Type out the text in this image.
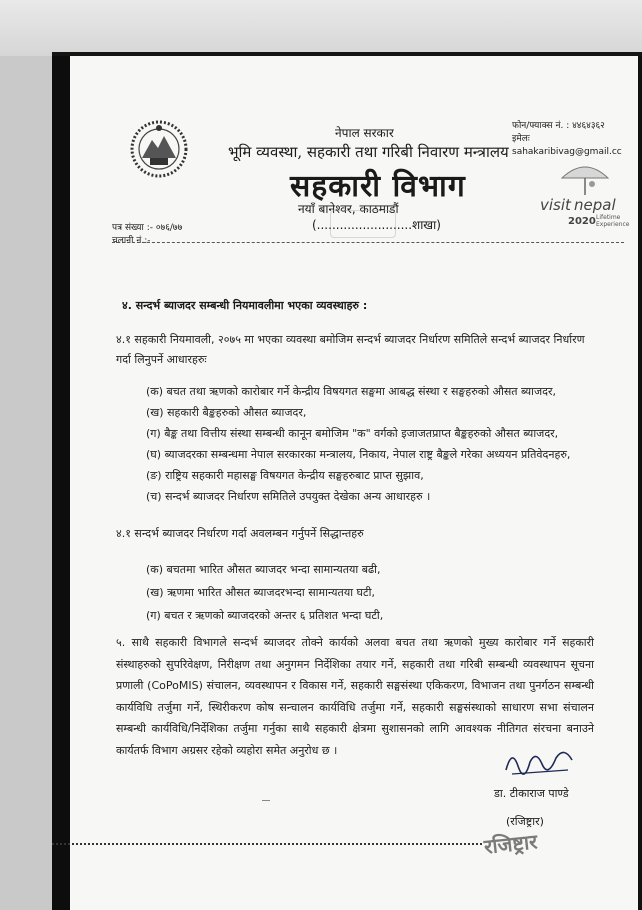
नेपाल सरकार
भूमि व्यवस्था, सहकारी तथा गरिबी निवारण मन्त्रालय
सहकारी विभाग
नयाँ बानेश्वर, काठमाडौं
(.........................शाखा)
फोन/फ्याक्स नं. : ४४६४३६२
इमेलः sahakaribivag@gmail.cc
visit nepal
2020 Lifetime
Experience
पत्र संख्या :- ०७६/७७
चलानी नं.:-
४. सन्दर्भ ब्याजदर सम्बन्धी नियमावलीमा भएका व्यवस्थाहरु :
४.१ सहकारी नियमावली, २०७५ मा भएका व्यवस्था बमोजिम सन्दर्भ ब्याजदर निर्धारण समितिले सन्दर्भ ब्याजदर निर्धारण गर्दा लिनुपर्ने आधारहरुः
(क) बचत तथा ऋणको कारोबार गर्ने केन्द्रीय विषयगत सङ्घमा आबद्ध संस्था र सङ्घहरुको औसत ब्याजदर,
(ख) सहकारी बैङ्कहरुको औसत ब्याजदर,
(ग) बैङ्क तथा वित्तीय संस्था सम्बन्धी कानून बमोजिम "क" वर्गको इजाजतप्राप्त बैङ्कहरुको औसत ब्याजदर,
(घ) ब्याजदरका सम्बन्धमा नेपाल सरकारका मन्त्रालय, निकाय, नेपाल राष्ट्र बैङ्कले गरेका अध्ययन प्रतिवेदनहरु,
(ङ) राष्ट्रिय सहकारी महासङ्घ विषयगत केन्द्रीय सङ्घहरुबाट प्राप्त सुझाव,
(च) सन्दर्भ ब्याजदर निर्धारण समितिले उपयुक्त देखेका अन्य आधारहरु ।
४.१ सन्दर्भ ब्याजदर निर्धारण गर्दा अवलम्बन गर्नुपर्ने सिद्धान्तहरु
(क) बचतमा भारित औसत ब्याजदर भन्दा सामान्यतया बढी,
(ख) ऋणमा भारित औसत ब्याजदरभन्दा सामान्यतया घटी,
(ग) बचत र ऋणको ब्याजदरको अन्तर ६ प्रतिशत भन्दा घटी,
५. साथै सहकारी विभागले सन्दर्भ ब्याजदर तोक्ने कार्यको अलवा बचत तथा ऋणको मुख्य कारोबार गर्ने सहकारी संस्थाहरुको सुपरिवेक्षण, निरीक्षण तथा अनुगमन निर्देशिका तयार गर्ने, सहकारी तथा गरिबी सम्बन्धी व्यवस्थापन सूचना प्रणाली (CoPoMIS) संचालन, व्यवस्थापन र विकास गर्ने, सहकारी सङ्घसंस्था एकिकरण, विभाजन तथा पुनर्गठन सम्बन्धी कार्यविधि तर्जुमा गर्ने, स्थिरीकरण कोष सन्चालन कार्यविधि तर्जुमा गर्ने, सहकारी सङ्घसंस्थाको साधारण सभा संचालन सम्बन्धी कार्यविधि/निर्देशिका तर्जुमा गर्नुका साथै सहकारी क्षेत्रमा सुशासनको लागि आवश्यक नीतिगत संरचना बनाउने कार्यतर्फ विभाग अग्रसर रहेको व्यहोरा समेत अनुरोध छ ।
डा. टीकाराज पाण्डे
(रजिष्ट्रार)
रजिष्ट्रार
